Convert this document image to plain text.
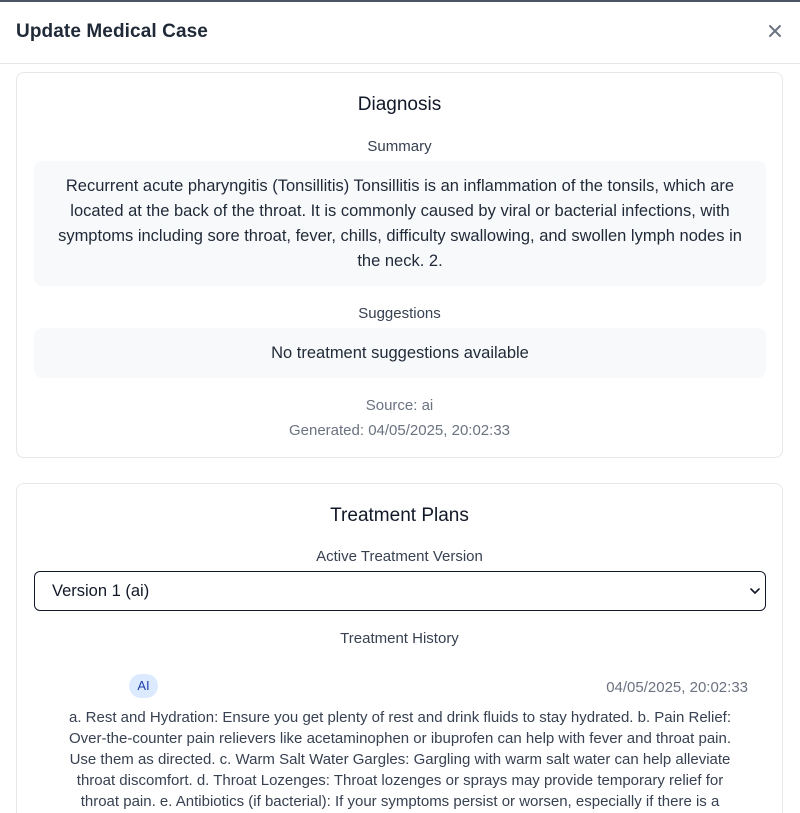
Update Medical Case
Diagnosis
Summary
Recurrent acute pharyngitis (Tonsillitis) Tonsillitis is an inflammation of the tonsils, which are located at the back of the throat. It is commonly caused by viral or bacterial infections, with symptoms including sore throat, fever, chills, difficulty swallowing, and swollen lymph nodes in the neck. 2.
Suggestions
No treatment suggestions available
Source: ai
Generated: 04/05/2025, 20:02:33
Treatment Plans
Active Treatment Version
Version 1 (ai)
Treatment History
AI	04/05/2025, 20:02:33
a. Rest and Hydration: Ensure you get plenty of rest and drink fluids to stay hydrated. b. Pain Relief: Over-the-counter pain relievers like acetaminophen or ibuprofen can help with fever and throat pain. Use them as directed. c. Warm Salt Water Gargles: Gargling with warm salt water can help alleviate throat discomfort. d. Throat Lozenges: Throat lozenges or sprays may provide temporary relief for throat pain. e. Antibiotics (if bacterial): If your symptoms persist or worsen, especially if there is a
